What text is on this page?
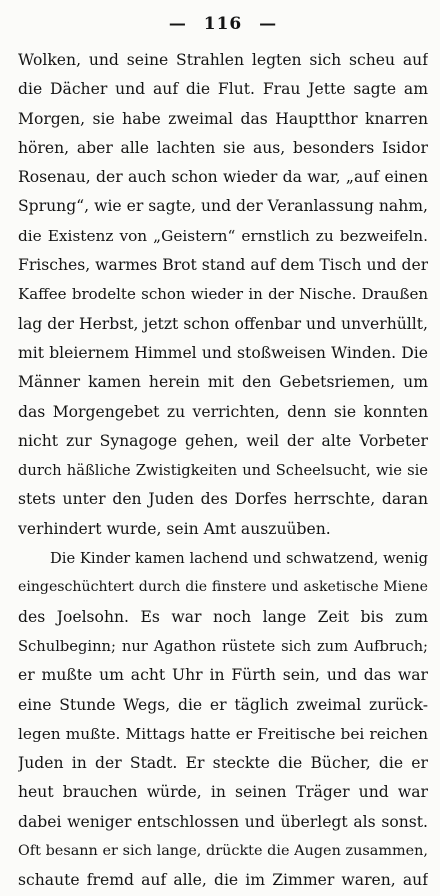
— 116 —
Wolken, und seine Strahlen legten sich scheu auf
die Dächer und auf die Flut. Frau Jette sagte am
Morgen, sie habe zweimal das Hauptthor knarren
hören, aber alle lachten sie aus, besonders Isidor
Rosenau, der auch schon wieder da war, „auf einen
Sprung“, wie er sagte, und der Veranlassung nahm,
die Existenz von „Geistern“ ernstlich zu bezweifeln.
Frisches, warmes Brot stand auf dem Tisch und der
Kaffee brodelte schon wieder in der Nische. Draußen
lag der Herbst, jetzt schon offenbar und unverhüllt,
mit bleiernem Himmel und stoßweisen Winden. Die
Männer kamen herein mit den Gebetsriemen, um
das Morgengebet zu verrichten, denn sie konnten
nicht zur Synagoge gehen, weil der alte Vorbeter
durch häßliche Zwistigkeiten und Scheelsucht, wie sie
stets unter den Juden des Dorfes herrschte, daran
verhindert wurde, sein Amt auszuüben.
Die Kinder kamen lachend und schwatzend, wenig
eingeschüchtert durch die finstere und asketische Miene
des Joelsohn. Es war noch lange Zeit bis zum
Schulbeginn; nur Agathon rüstete sich zum Aufbruch;
er mußte um acht Uhr in Fürth sein, und das war
eine Stunde Wegs, die er täglich zweimal zurück-
legen mußte. Mittags hatte er Freitische bei reichen
Juden in der Stadt. Er steckte die Bücher, die er
heut brauchen würde, in seinen Träger und war
dabei weniger entschlossen und überlegt als sonst.
Oft besann er sich lange, drückte die Augen zusammen,
schaute fremd auf alle, die im Zimmer waren, auf
